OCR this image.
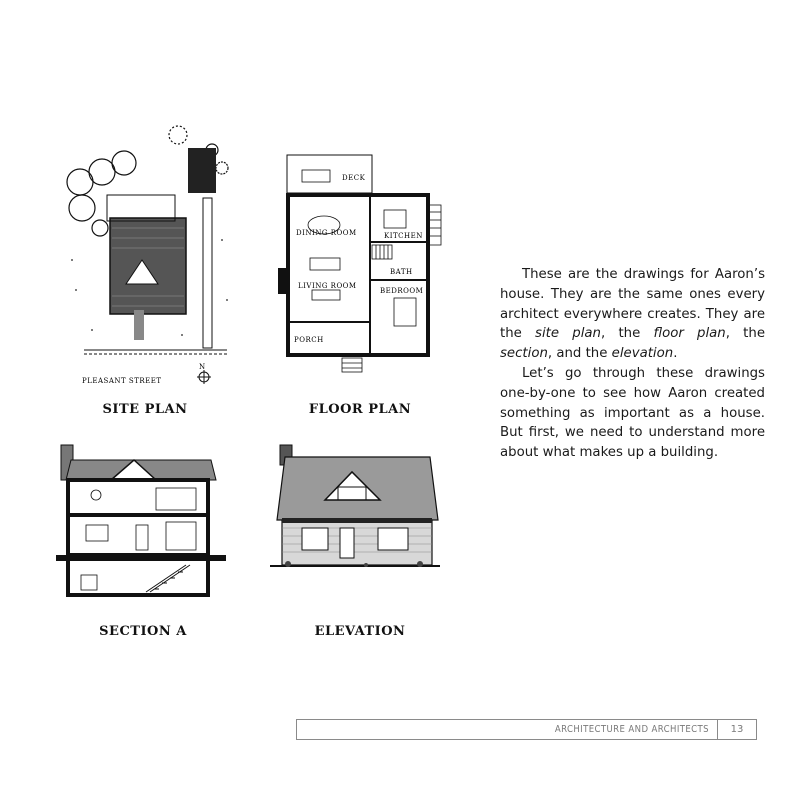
N
PLEASANT STREET
SITE PLAN
DECK
DINING ROOM	KITCHEN
BATH
LIVING ROOM
BEDROOM
PORCH
FLOOR PLAN
SECTION A	ELEVATION

These are the drawings for Aaron’s house. They are the same ones every architect everywhere creates. They are the site plan, the floor plan, the section, and the elevation.

Let’s go through these drawings one-by-one to see how Aaron created something as important as a house. But first, we need to understand more about what makes up a building.

ARCHITECTURE AND ARCHITECTS	13
